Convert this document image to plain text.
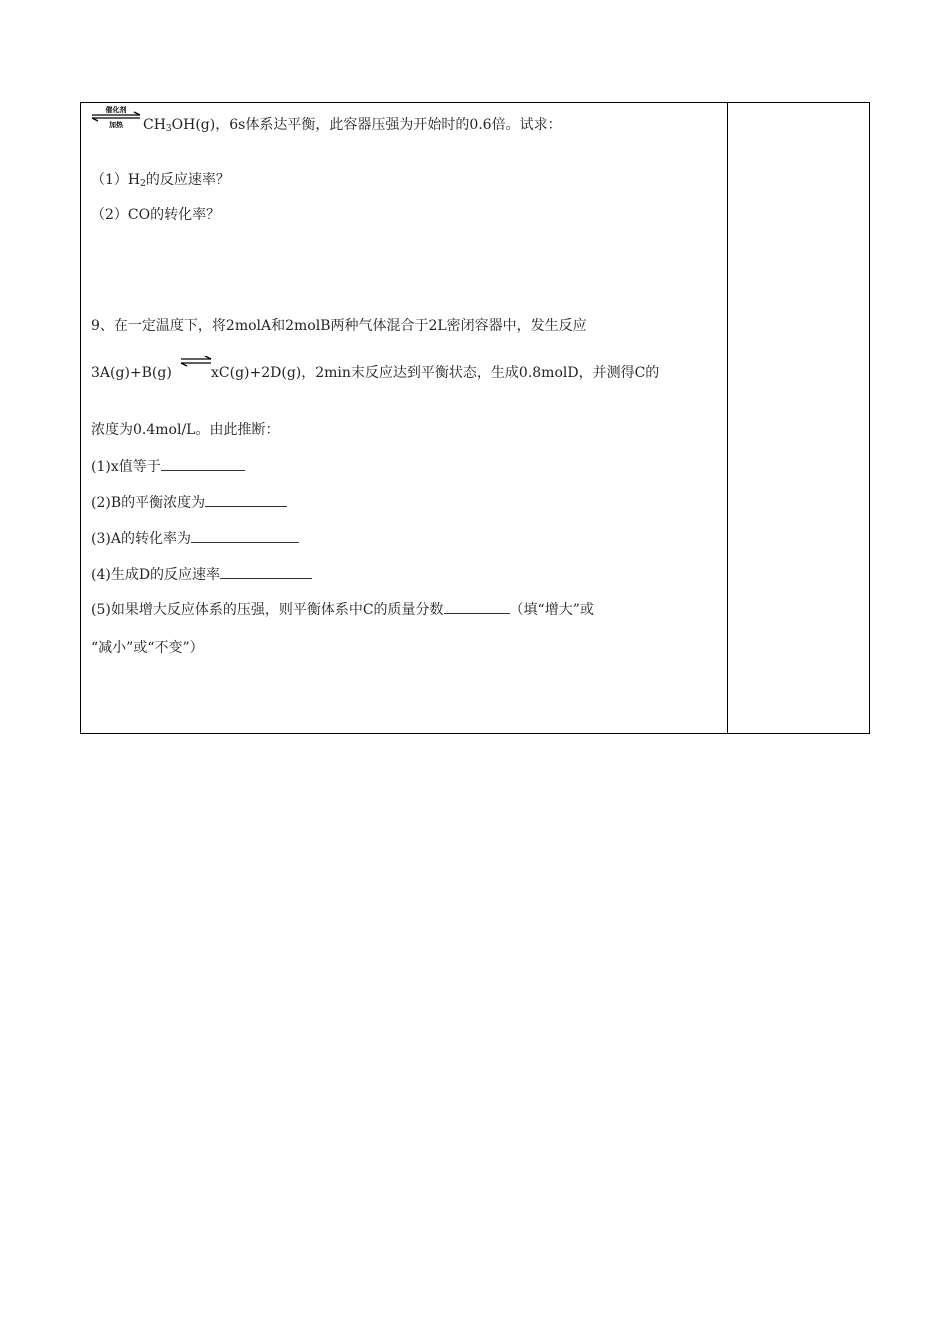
催化剂
加热 $CH_3OH(g)$，6s体系达平衡，此容器压强为开始时的0.6倍。试求：
$(1)H_2$的反应速率？
（2）CO的转化率？
9、在一定温度下，将2molA和2molB两种气体混合于2L密闭容器中，发生反应
3A(g)+B(g)	xC(g)+2D(g)，2min末反应达到平衡状态，生成0.8molD，并测得C的
浓度为0.4mol/L。由此推断：
(1)x值等于
(2)B的平衡浓度为
(3)A的转化率为
(4)生成D的反应速率
(5)如果增大反应体系的压强，则平衡体系中C的质量分数	（填“增大”或
“减小”或“不变”）
